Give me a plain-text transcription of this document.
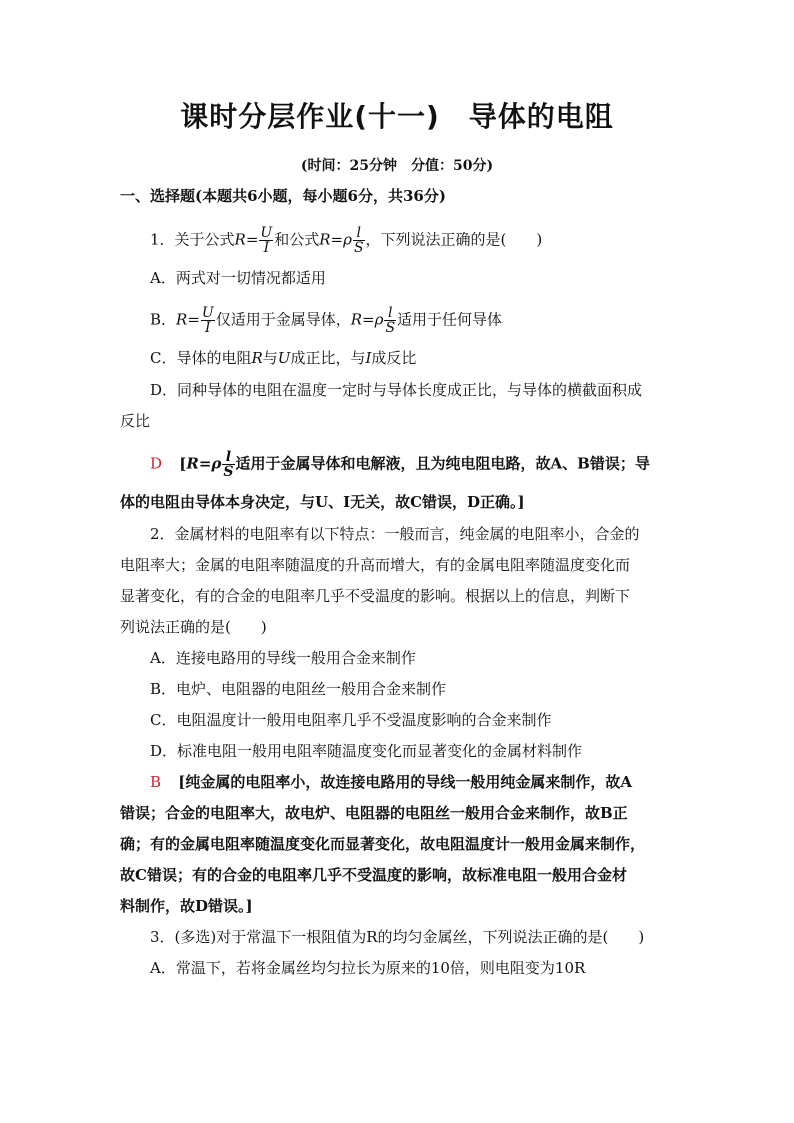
课时分层作业(十一)　导体的电阻
(时间：25分钟　分值：50分)
一、选择题(本题共6小题，每小题6分，共36分)
1．关于公式$R= \frac{U}{I}$ 和公式$R=\rho \frac{l}{S}$ ，下列说法正确的是(　　)
A．两式对一切情况都适用
B．$R= \frac{U}{I}$ 仅适用于金属导体，$R=\rho \frac{l}{S}$ 适用于任何导体
C．导体的电阻R与U成正比，与I成反比
D．同种导体的电阻在温度一定时与导体长度成正比，与导体的横截面积成
反比
D [$R=\rho \frac{l}{S}$ 适用于金属导体和电解液，且为纯电阻电路，故A、B错误；导
体的电阻由导体本身决定，与U、I无关，故C错误，D正确。]
2．金属材料的电阻率有以下特点：一般而言，纯金属的电阻率小，合金的
电阻率大；金属的电阻率随温度的升高而增大，有的金属电阻率随温度变化而
显著变化，有的合金的电阻率几乎不受温度的影响。根据以上的信息，判断下
列说法正确的是(　　)
A．连接电路用的导线一般用合金来制作
B．电炉、电阻器的电阻丝一般用合金来制作
C．电阻温度计一般用电阻率几乎不受温度影响的合金来制作
D．标准电阻一般用电阻率随温度变化而显著变化的金属材料制作
B [纯金属的电阻率小，故连接电路用的导线一般用纯金属来制作，故A
错误；合金的电阻率大，故电炉、电阻器的电阻丝一般用合金来制作，故B正
确；有的金属电阻率随温度变化而显著变化，故电阻温度计一般用金属来制作，
故C错误；有的合金的电阻率几乎不受温度的影响，故标准电阻一般用合金材
料制作，故D错误。]
3．(多选)对于常温下一根阻值为R的均匀金属丝，下列说法正确的是(　　)
A．常温下，若将金属丝均匀拉长为原来的10倍，则电阻变为10R
